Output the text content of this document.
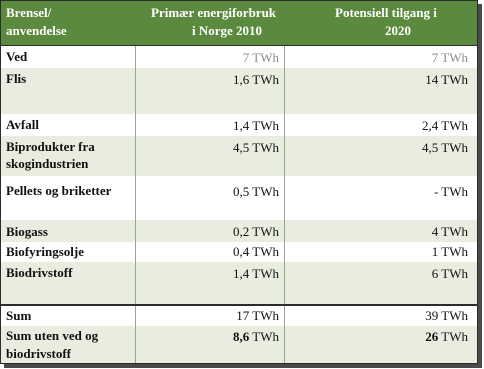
Brensel/
anvendelse
Primær energiforbruk
i Norge 2010
Potensiell tilgang i
2020
Ved	7 TWh	7 TWh
Flis	1,6 TWh	14 TWh
Avfall	1,4 TWh	2,4 TWh
Biprodukter fra
skogindustrien
4,5 TWh	4,5 TWh
Pellets og briketter	0,5 TWh	- TWh
Biogass	0,2 TWh	4 TWh
Biofyringsolje	0,4 TWh	1 TWh
Biodrivstoff	1,4 TWh	6 TWh
Sum	17 TWh	39 TWh
Sum uten ved og
biodrivstoff
8,6 TWh	26 TWh
